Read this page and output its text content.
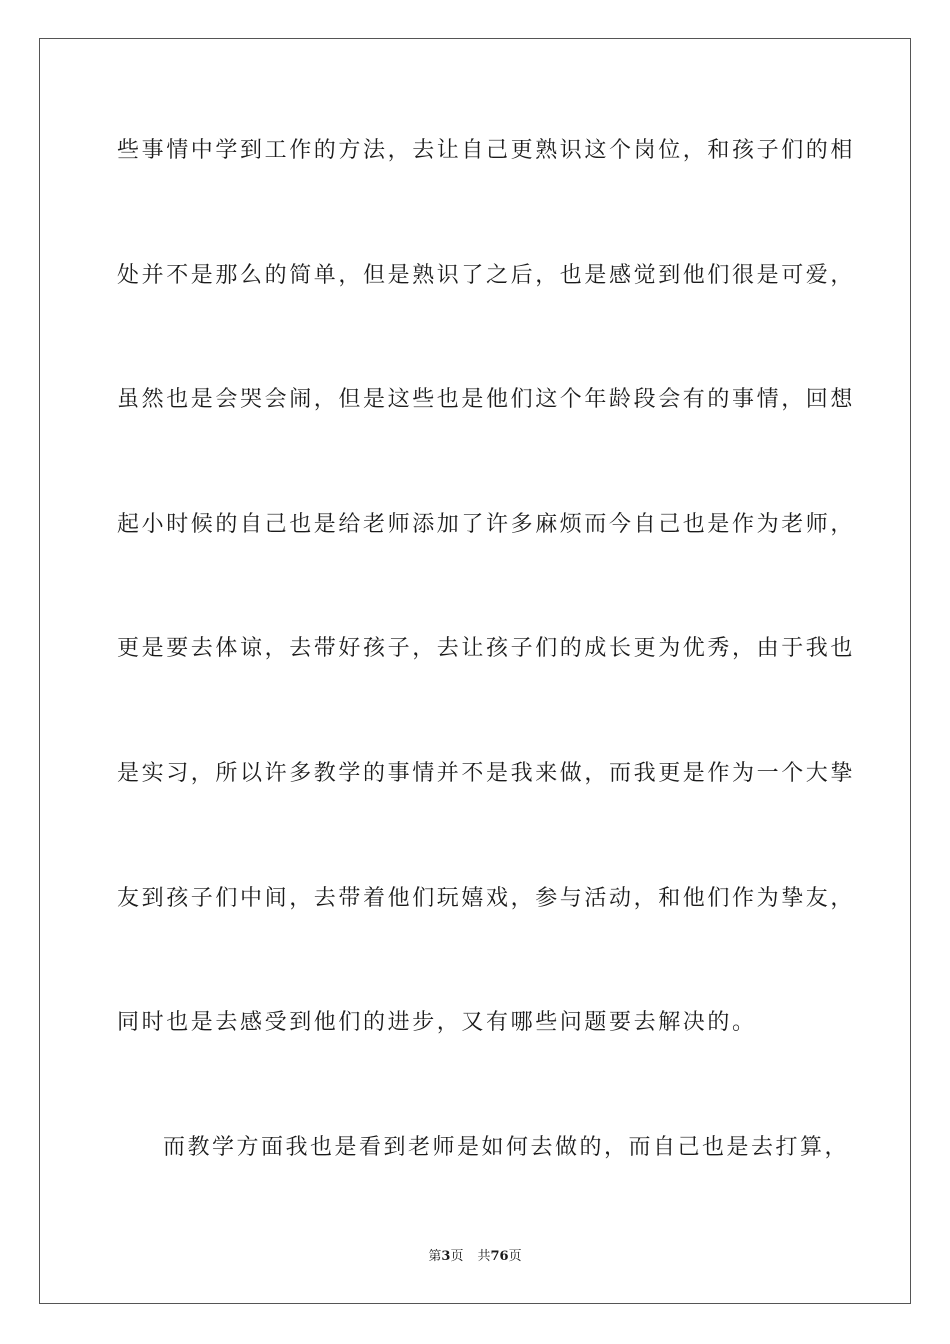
些事情中学到工作的方法，去让自己更熟识这个岗位，和孩子们的相
处并不是那么的简单，但是熟识了之后，也是感觉到他们很是可爱，
虽然也是会哭会闹，但是这些也是他们这个年龄段会有的事情，回想
起小时候的自己也是给老师添加了许多麻烦而今自己也是作为老师，
更是要去体谅，去带好孩子，去让孩子们的成长更为优秀，由于我也
是实习，所以许多教学的事情并不是我来做，而我更是作为一个大挚
友到孩子们中间，去带着他们玩嬉戏，参与活动，和他们作为挚友，
同时也是去感受到他们的进步，又有哪些问题要去解决的。
而教学方面我也是看到老师是如何去做的，而自己也是去打算，
第3页 共76页
